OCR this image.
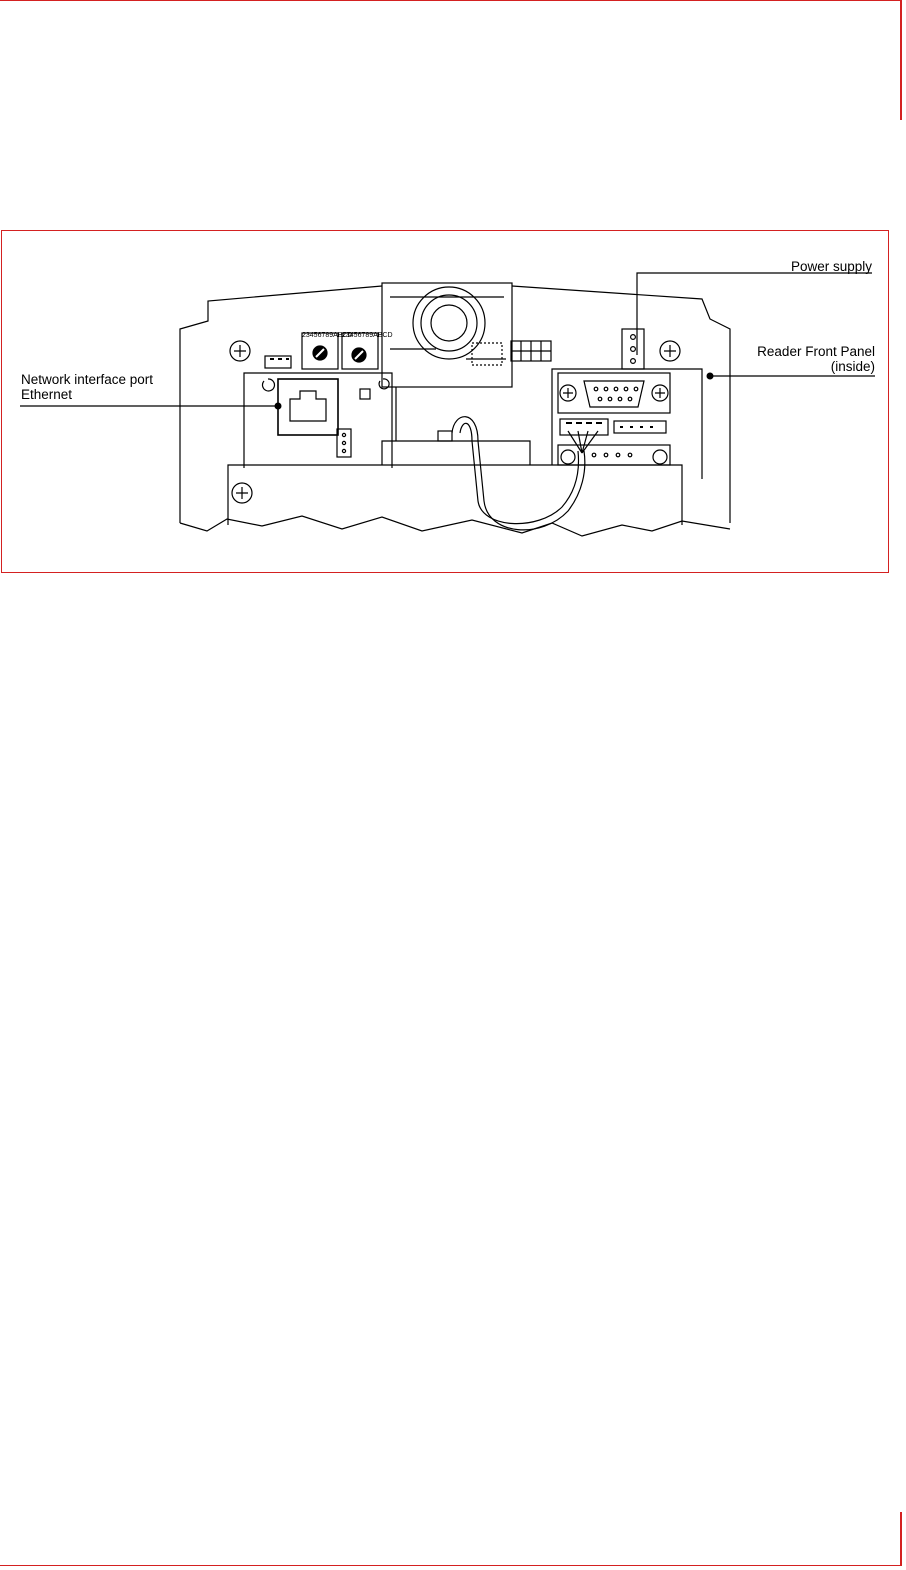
23456789ABCD
23456789ABCD
Power supply
Reader Front Panel
(inside)
Network interface port
Ethernet
